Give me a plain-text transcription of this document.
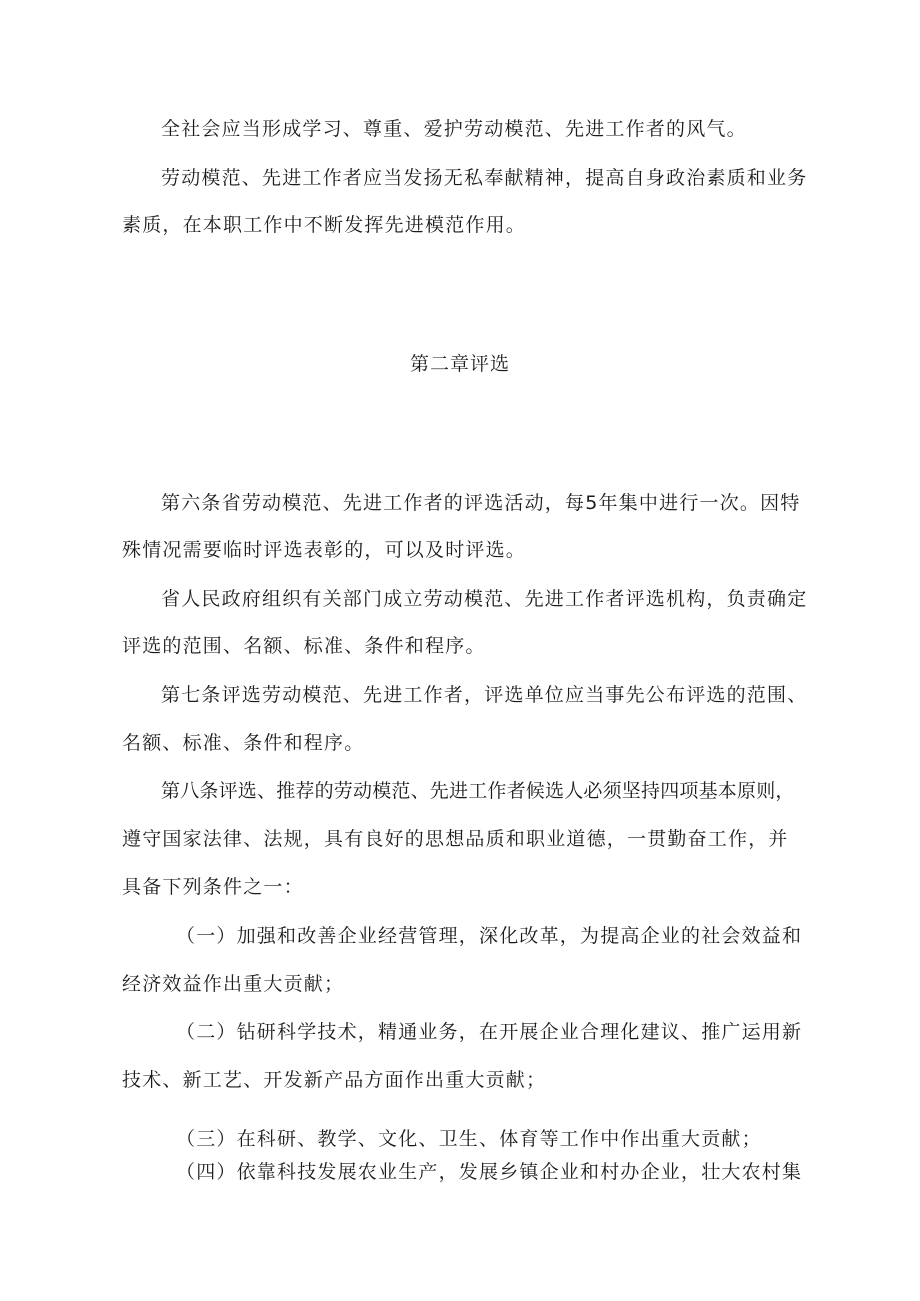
全社会应当形成学习、尊重、爱护劳动模范、先进工作者的风气。
劳动模范、先进工作者应当发扬无私奉献精神，提高自身政治素质和业务
素质，在本职工作中不断发挥先进模范作用。
第二章评选
第六条省劳动模范、先进工作者的评选活动，每5年集中进行一次。因特
殊情况需要临时评选表彰的，可以及时评选。
省人民政府组织有关部门成立劳动模范、先进工作者评选机构，负责确定
评选的范围、名额、标准、条件和程序。
第七条评选劳动模范、先进工作者，评选单位应当事先公布评选的范围、
名额、标准、条件和程序。
第八条评选、推荐的劳动模范、先进工作者候选人必须坚持四项基本原则，
遵守国家法律、法规，具有良好的思想品质和职业道德，一贯勤奋工作，并
具备下列条件之一：
（一）加强和改善企业经营管理，深化改革，为提高企业的社会效益和
经济效益作出重大贡献；
（二）钻研科学技术，精通业务，在开展企业合理化建议、推广运用新
技术、新工艺、开发新产品方面作出重大贡献；
（三）在科研、教学、文化、卫生、体育等工作中作出重大贡献；
（四）依靠科技发展农业生产，发展乡镇企业和村办企业，壮大农村集
